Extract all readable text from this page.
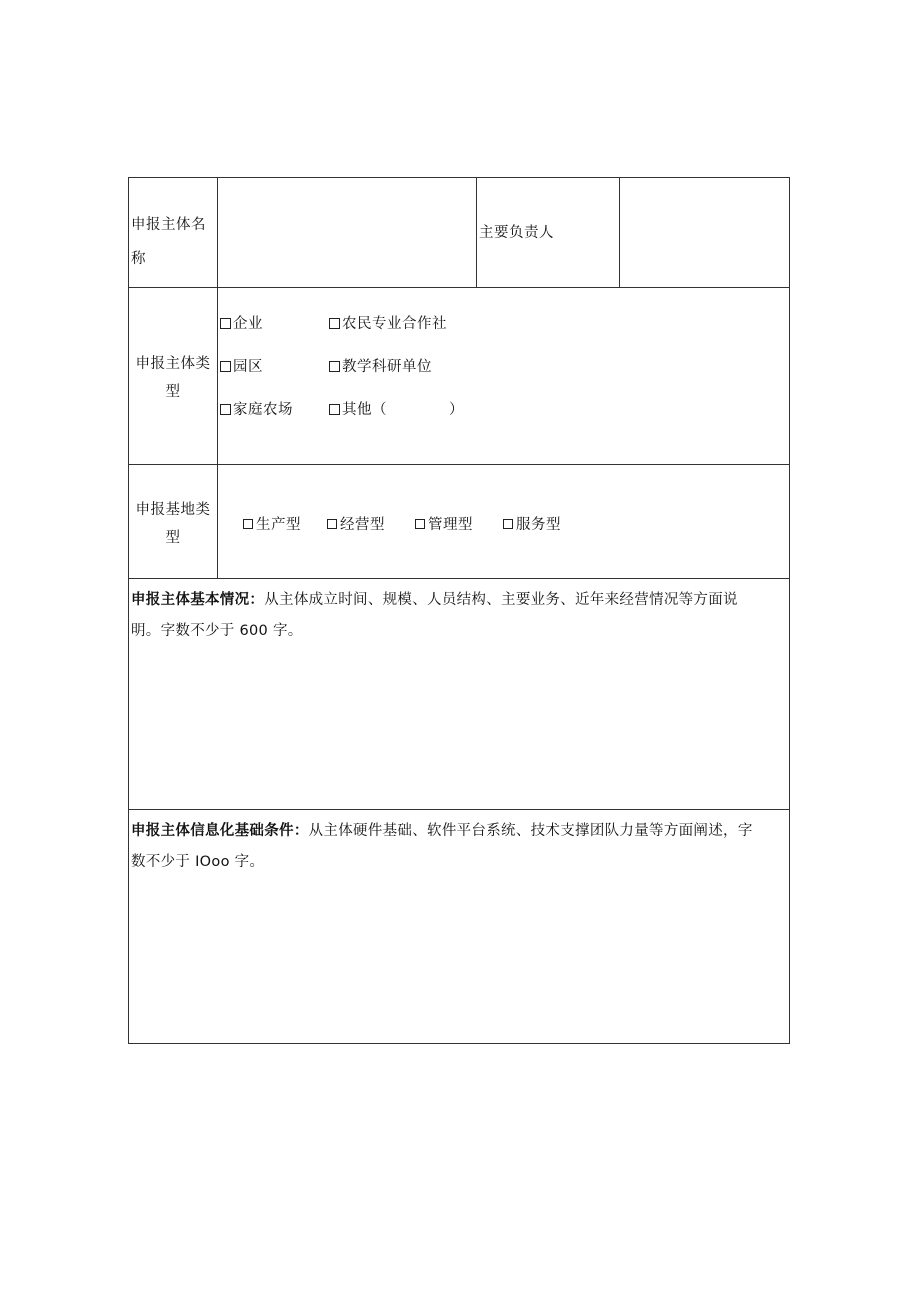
申报主体名
称
主要负责人
申报主体类
型
企业	农民专业合作社
园区	教学科研单位
家庭农场	其他（	）
申报基地类
型
生产型	经营型	管理型	服务型
申报主体基本情况：从主体成立时间、规模、人员结构、主要业务、近年来经营情况等方面说
明。字数不少于 600 字。
申报主体信息化基础条件：从主体硬件基础、软件平台系统、技术支撑团队力量等方面阐述，字
数不少于 IOoo 字。
